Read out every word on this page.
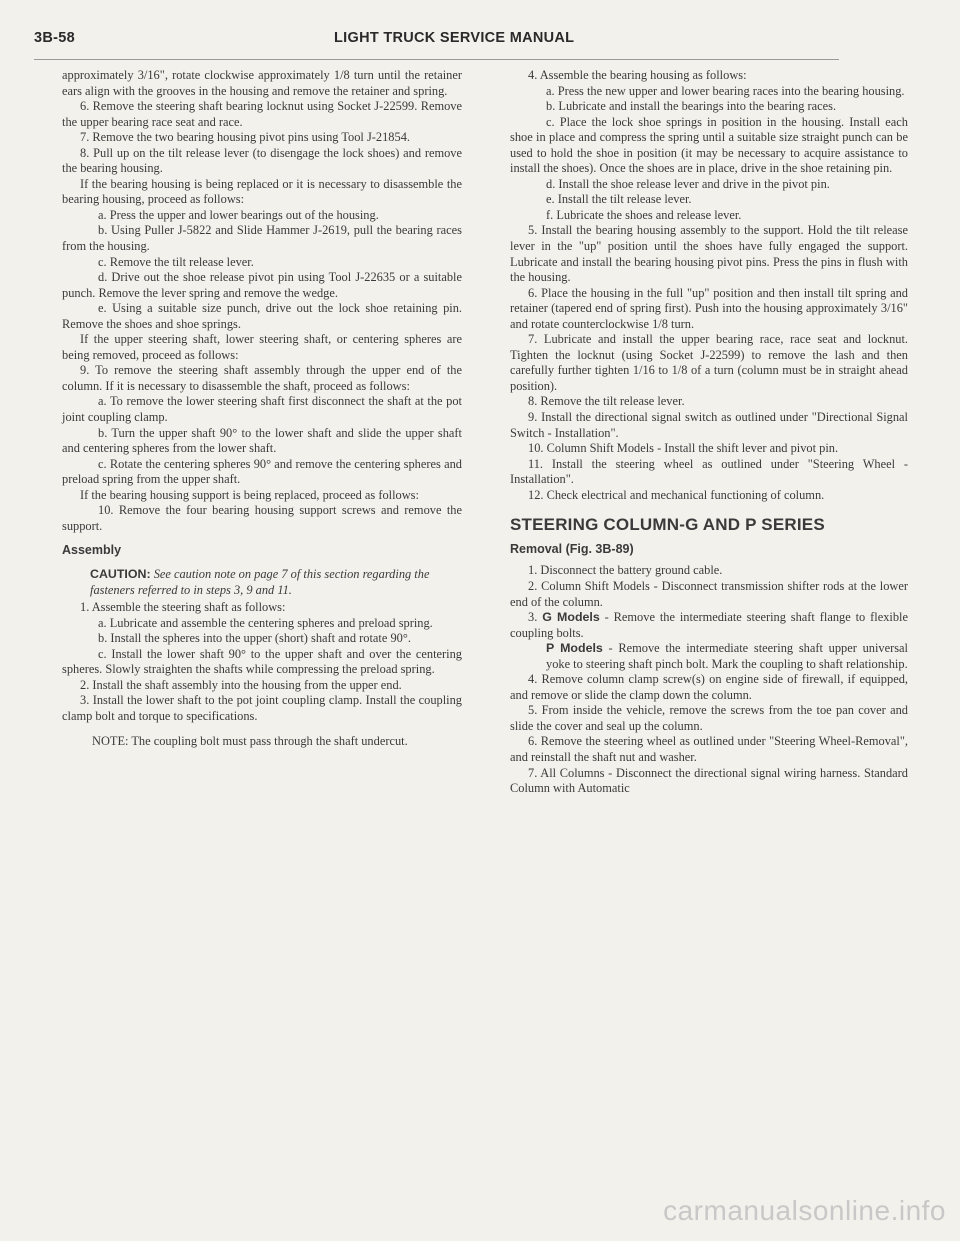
3B-58	LIGHT TRUCK SERVICE MANUAL

approximately 3/16", rotate clockwise approximately 1/8 turn until the retainer ears align with the grooves in the housing and remove the retainer and spring.

6. Remove the steering shaft bearing locknut using Socket J-22599. Remove the upper bearing race seat and race.

7. Remove the two bearing housing pivot pins using Tool J-21854.

8. Pull up on the tilt release lever (to disengage the lock shoes) and remove the bearing housing.

If the bearing housing is being replaced or it is necessary to disassemble the bearing housing, proceed as follows:

a. Press the upper and lower bearings out of the housing.

b. Using Puller J-5822 and Slide Hammer J-2619, pull the bearing races from the housing.

c. Remove the tilt release lever.

d. Drive out the shoe release pivot pin using Tool J-22635 or a suitable punch. Remove the lever spring and remove the wedge.

e. Using a suitable size punch, drive out the lock shoe retaining pin. Remove the shoes and shoe springs.

If the upper steering shaft, lower steering shaft, or centering spheres are being removed, proceed as follows:

9. To remove the steering shaft assembly through the upper end of the column. If it is necessary to disassemble the shaft, proceed as follows:

a. To remove the lower steering shaft first disconnect the shaft at the pot joint coupling clamp.

b. Turn the upper shaft 90° to the lower shaft and slide the upper shaft and centering spheres from the lower shaft.

c. Rotate the centering spheres 90° and remove the centering spheres and preload spring from the upper shaft.

If the bearing housing support is being replaced, proceed as follows:

10. Remove the four bearing housing support screws and remove the support.

Assembly
CAUTION: See caution note on page 7 of this section regarding the fasteners referred to in steps 3, 9 and 11.

1. Assemble the steering shaft as follows:

a. Lubricate and assemble the centering spheres and preload spring.

b. Install the spheres into the upper (short) shaft and rotate 90°.

c. Install the lower shaft 90° to the upper shaft and over the centering spheres. Slowly straighten the shafts while compressing the preload spring.

2. Install the shaft assembly into the housing from the upper end.

3. Install the lower shaft to the pot joint coupling clamp. Install the coupling clamp bolt and torque to specifications.

NOTE: The coupling bolt must pass through the shaft undercut.

4. Assemble the bearing housing as follows:

a. Press the new upper and lower bearing races into the bearing housing.

b. Lubricate and install the bearings into the bearing races.

c. Place the lock shoe springs in position in the housing. Install each shoe in place and compress the spring until a suitable size straight punch can be used to hold the shoe in position (it may be necessary to acquire assistance to install the shoes). Once the shoes are in place, drive in the shoe retaining pin.

d. Install the shoe release lever and drive in the pivot pin.

e. Install the tilt release lever.

f. Lubricate the shoes and release lever.

5. Install the bearing housing assembly to the support. Hold the tilt release lever in the "up" position until the shoes have fully engaged the support. Lubricate and install the bearing housing pivot pins. Press the pins in flush with the housing.

6. Place the housing in the full "up" position and then install tilt spring and retainer (tapered end of spring first). Push into the housing approximately 3/16" and rotate counterclockwise 1/8 turn.

7. Lubricate and install the upper bearing race, race seat and locknut. Tighten the locknut (using Socket J-22599) to remove the lash and then carefully further tighten 1/16 to 1/8 of a turn (column must be in straight ahead position).

8. Remove the tilt release lever.

9. Install the directional signal switch as outlined under "Directional Signal Switch - Installation".

10. Column Shift Models - Install the shift lever and pivot pin.

11. Install the steering wheel as outlined under "Steering Wheel - Installation".

12. Check electrical and mechanical functioning of column.

STEERING COLUMN-G AND P SERIES
Removal (Fig. 3B-89)

1. Disconnect the battery ground cable.

2. Column Shift Models - Disconnect transmission shifter rods at the lower end of the column.

3. G Models - Remove the intermediate steering shaft flange to flexible coupling bolts.

P Models - Remove the intermediate steering shaft upper universal yoke to steering shaft pinch bolt. Mark the coupling to shaft relationship.

4. Remove column clamp screw(s) on engine side of firewall, if equipped, and remove or slide the clamp down the column.

5. From inside the vehicle, remove the screws from the toe pan cover and slide the cover and seal up the column.

6. Remove the steering wheel as outlined under "Steering Wheel-Removal", and reinstall the shaft nut and washer.

7. All Columns - Disconnect the directional signal wiring harness. Standard Column with Automatic

carmanualsonline.info
